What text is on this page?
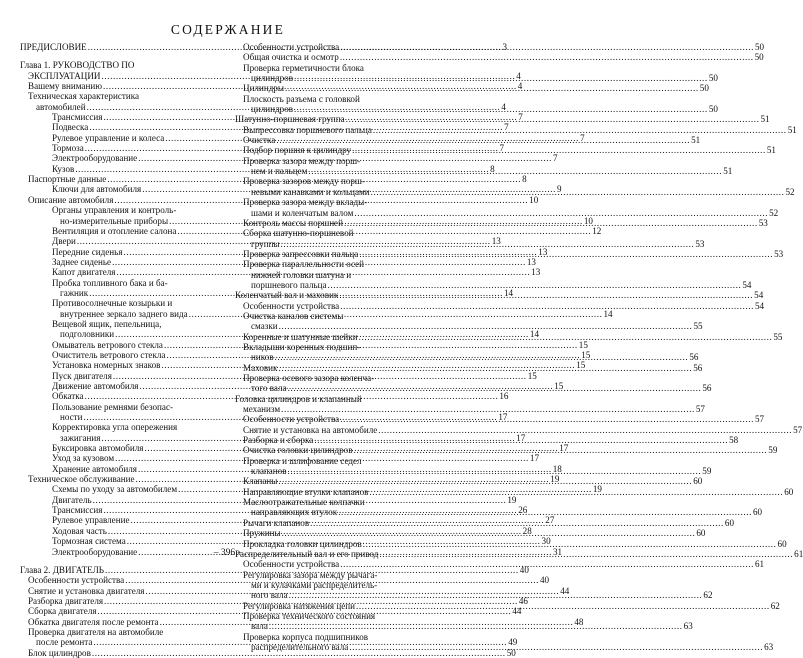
СОДЕРЖАНИЕ
ПРЕДИСЛОВИЕ .....	3
Глава 1. РУКОВОДСТВО ПО
ЭКСПЛУАТАЦИИ .....	4
Вашему вниманию .....	4
Техническая характеристика
автомобилей .....	4
Трансмиссия .....	7
Подвеска .....	7
Рулевое управление и колеса .....	7
Тормоза .....	7
Электрооборудование .....	7
Кузов .....	8
Паспортные данные .....	8
Ключи для автомобиля .....	9
Описание автомобиля .....	10
Органы управления и контроль-
но-измерительные приборы .....	10
Вентиляция и отопление салона .....	12
Двери .....	13
Передние сиденья .....	13
Заднее сиденье .....	13
Капот двигателя .....	13
Пробка топливного бака и ба-
гажник .....	14
Противосолнечные козырьки и
внутреннее зеркало заднего вида .....	14
Вещевой ящик, пепельница,
подголовники .....	14
Омыватель ветрового стекла .....	15
Очиститель ветрового стекла .....	15
Установка номерных знаков .....	15
Пуск двигателя .....	15
Движение автомобиля .....	15
Обкатка .....	16
Пользование ремнями безопас-
ности .....	17
Корректировка угла опережения
зажигания .....	17
Буксировка автомобиля .....	17
Уход за кузовом .....	17
Хранение автомобиля .....	18
Техническое обслуживание .....	19
Схемы по уходу за автомобилем .....	19
Двигатель .....	19
Трансмиссия .....	26
Рулевое управление .....	27
Ходовая часть .....	28
Тормозная система .....	30
Электрооборудование .....	31
Глава 2. ДВИГАТЕЛЬ .....	40
Особенности устройства .....	40
Снятие и установка двигателя .....	44
Разборка двигателя .....	46
Сборка двигателя .....	44
Обкатка двигателя после ремонта .....	48
Проверка двигателя на автомобиле
после ремонта .....	49
Блок цилиндров .....	50
Особенности устройства .....	50
Общая очистка и осмотр .....	50
Проверка герметичности блока
цилиндров .....	50
Цилиндры .....	50
Плоскость разъема с головкой
цилиндров .....	50
Шатунно-поршневая группа .....	51
Выпрессовка поршневого пальца .....	51
Очистка .....	51
Подбор поршня к цилиндру .....	51
Проверка зазора между порш-
нем и пальцем .....	51
Проверка зазоров между порш-
невыми канавками и кольцами .....	52
Проверка зазора между вклады-
шами и коленчатым валом .....	52
Контроль массы поршней .....	53
Сборка шатунно-поршневой
группы .....	53
Проверка запрессовки пальца .....	53
Проверка параллельности осей
нижней головки шатуна и
поршневого пальца .....	54
Коленчатый вал и маховик .....	54
Особенности устройства .....	54
Очистка каналов системы
смазки .....	55
Коренные и шатунные шейки .....	55
Вкладыши коренных подшип-
ников .....	56
Маховик .....	56
Проверка осевого зазора коленча-
того вала .....	56
Головка цилиндров и клапанный
механизм .....	57
Особенности устройства .....	57
Снятие и установка на автомобиле .....	57
Разборка и сборка .....	58
Очистка головки цилиндров .....	59
Проверка и шлифование седел
клапанов .....	59
Клапаны .....	60
Направляющие втулки клапанов .....	60
Маслоотражательные колпачки
направляющих втулок .....	60
Рычаги клапанов .....	60
Пружины .....	60
Прокладка головки цилиндров .....	60
Распределительный вал и его привод .....	61
Особенности устройства .....	61
Регулировка зазора между рычага-
ми и кулачками распределитель-
ного вала .....	62
Регулировка натяжения цепи .....	62
Проверка технического состояния
вала .....	63
Проверка корпуса подшипников
распределительного вала .....	63
– 396 –
